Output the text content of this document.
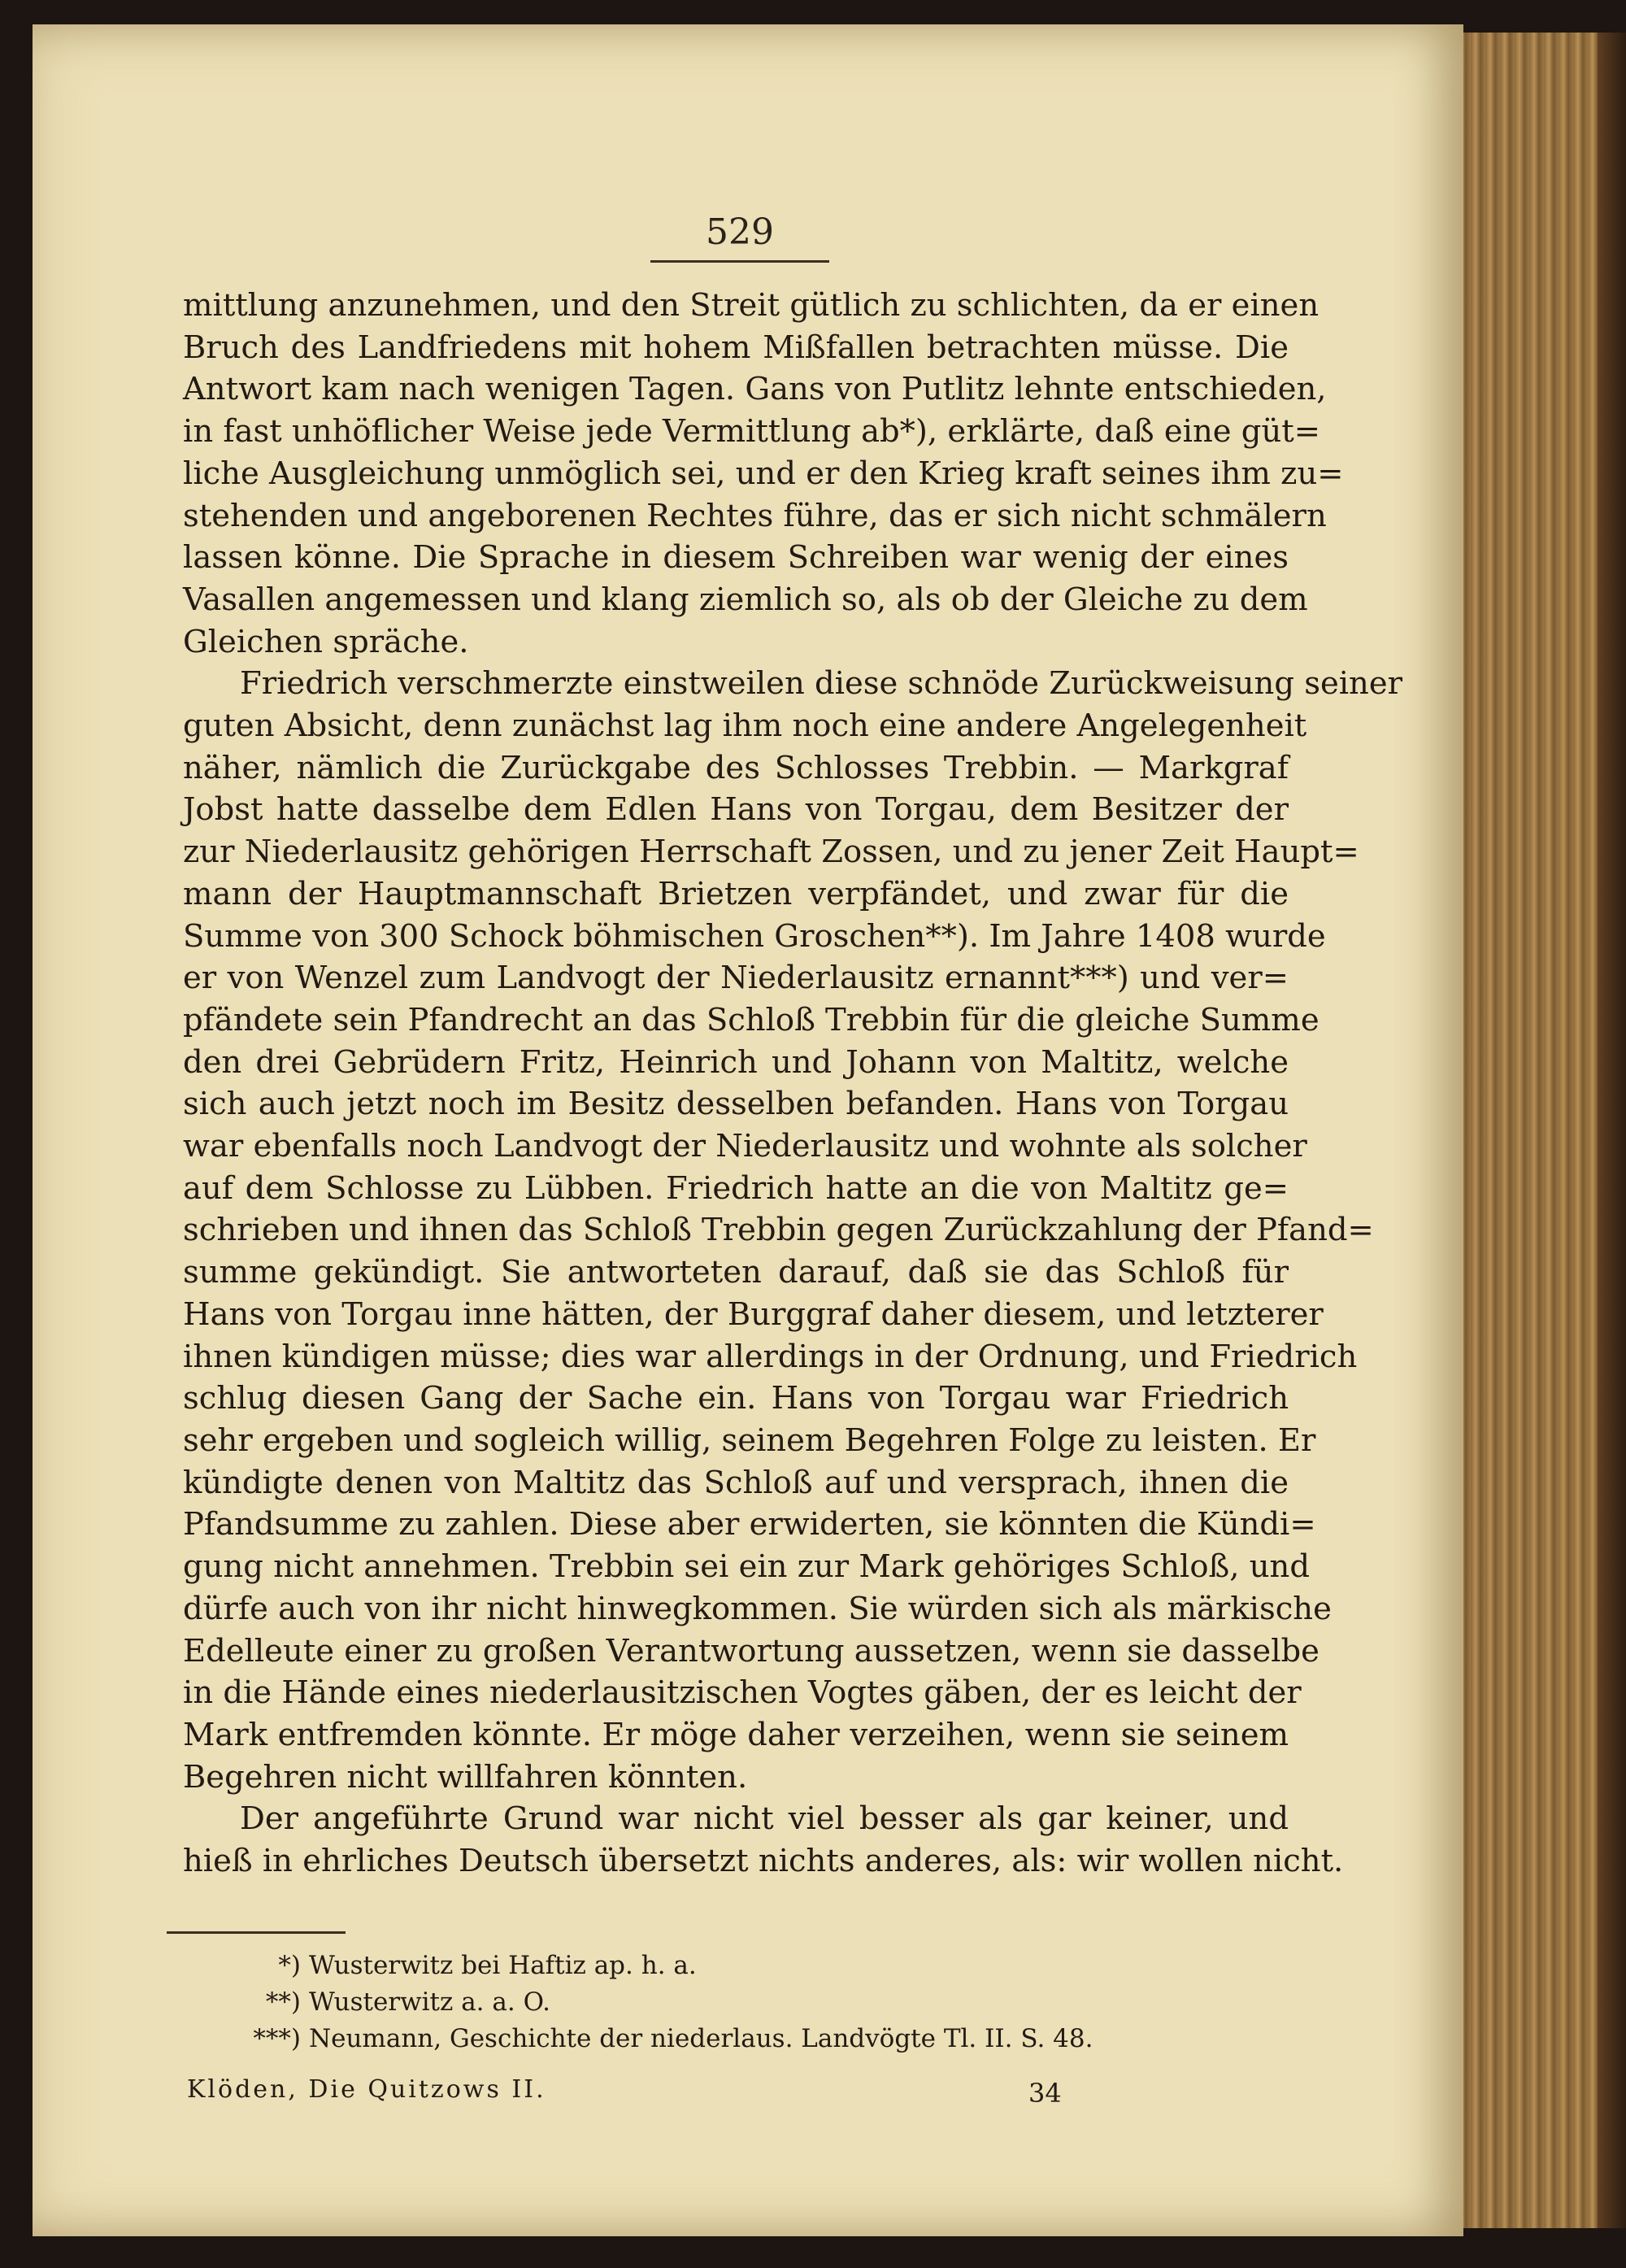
529

mittlung anzunehmen, und den Streit gütlich zu schlichten, da er einen
Bruch des Landfriedens mit hohem Mißfallen betrachten müsse. Die
Antwort kam nach wenigen Tagen. Gans von Putlitz lehnte entschieden,
in fast unhöflicher Weise jede Vermittlung ab*), erklärte, daß eine güt=
liche Ausgleichung unmöglich sei, und er den Krieg kraft seines ihm zu=
stehenden und angeborenen Rechtes führe, das er sich nicht schmälern
lassen könne. Die Sprache in diesem Schreiben war wenig der eines
Vasallen angemessen und klang ziemlich so, als ob der Gleiche zu dem
Gleichen spräche.

Friedrich verschmerzte einstweilen diese schnöde Zurückweisung seiner
guten Absicht, denn zunächst lag ihm noch eine andere Angelegenheit
näher, nämlich die Zurückgabe des Schlosses Trebbin. — Markgraf
Jobst hatte dasselbe dem Edlen Hans von Torgau, dem Besitzer der
zur Niederlausitz gehörigen Herrschaft Zossen, und zu jener Zeit Haupt=
mann der Hauptmannschaft Brietzen verpfändet, und zwar für die
Summe von 300 Schock böhmischen Groschen**). Im Jahre 1408 wurde
er von Wenzel zum Landvogt der Niederlausitz ernannt***) und ver=
pfändete sein Pfandrecht an das Schloß Trebbin für die gleiche Summe
den drei Gebrüdern Fritz, Heinrich und Johann von Maltitz, welche
sich auch jetzt noch im Besitz desselben befanden. Hans von Torgau
war ebenfalls noch Landvogt der Niederlausitz und wohnte als solcher
auf dem Schlosse zu Lübben. Friedrich hatte an die von Maltitz ge=
schrieben und ihnen das Schloß Trebbin gegen Zurückzahlung der Pfand=
summe gekündigt. Sie antworteten darauf, daß sie das Schloß für
Hans von Torgau inne hätten, der Burggraf daher diesem, und letzterer
ihnen kündigen müsse; dies war allerdings in der Ordnung, und Friedrich
schlug diesen Gang der Sache ein. Hans von Torgau war Friedrich
sehr ergeben und sogleich willig, seinem Begehren Folge zu leisten. Er
kündigte denen von Maltitz das Schloß auf und versprach, ihnen die
Pfandsumme zu zahlen. Diese aber erwiderten, sie könnten die Kündi=
gung nicht annehmen. Trebbin sei ein zur Mark gehöriges Schloß, und
dürfe auch von ihr nicht hinwegkommen. Sie würden sich als märkische
Edelleute einer zu großen Verantwortung aussetzen, wenn sie dasselbe
in die Hände eines niederlausitzischen Vogtes gäben, der es leicht der
Mark entfremden könnte. Er möge daher verzeihen, wenn sie seinem
Begehren nicht willfahren könnten.

Der angeführte Grund war nicht viel besser als gar keiner, und
hieß in ehrliches Deutsch übersetzt nichts anderes, als: wir wollen nicht.

*) Wusterwitz bei Haftiz ap. h. a.
**) Wusterwitz a. a. O.
***) Neumann, Geschichte der niederlaus. Landvögte Tl. II. S. 48.
Klöden, Die Quitzows II.	34
